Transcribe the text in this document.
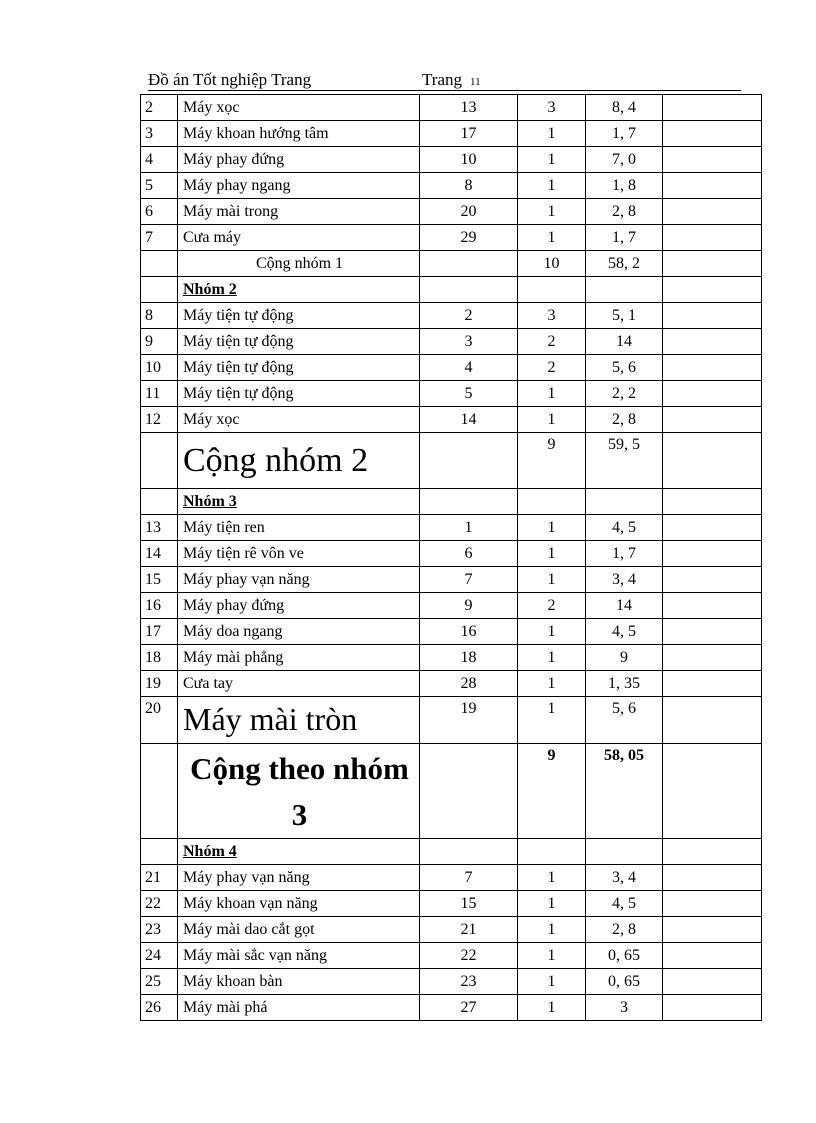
Đồ án Tốt nghiệp Trang	Trang 11
2	Máy xọc	13	3	8, 4	
3	Máy khoan hướng tâm	17	1	1, 7	
4	Máy phay đứng	10	1	7, 0	
5	Máy phay ngang	8	1	1, 8	
6	Máy mài trong	20	1	2, 8	
7	Cưa máy	29	1	1, 7	
	Cộng nhóm 1		10	58, 2	
	Nhóm 2				
8	Máy tiện tự động	2	3	5, 1	
9	Máy tiện tự động	3	2	14	
10	Máy tiện tự động	4	2	5, 6	
11	Máy tiện tự động	5	1	2, 2	
12	Máy xọc	14	1	2, 8	
	Cộng nhóm 2		9	59, 5	
	Nhóm 3				
13	Máy tiện ren	1	1	4, 5	
14	Máy tiện rê vôn ve	6	1	1, 7	
15	Máy phay vạn năng	7	1	3, 4	
16	Máy phay đứng	9	2	14	
17	Máy doa ngang	16	1	4, 5	
18	Máy mài phẳng	18	1	9	
19	Cưa tay	28	1	1, 35	
20	Máy mài tròn	19	1	5, 6	

	Cộng theo nhóm 3		9	58, 05	
	Nhóm 4				
21	Máy phay vạn năng	7	1	3, 4	
22	Máy khoan vạn năng	15	1	4, 5	
23	Máy mài dao cắt gọt	21	1	2, 8	
24	Máy mài sắc vạn năng	22	1	0, 65	
25	Máy khoan bàn	23	1	0, 65	
26	Máy mài phá	27	1	3	
